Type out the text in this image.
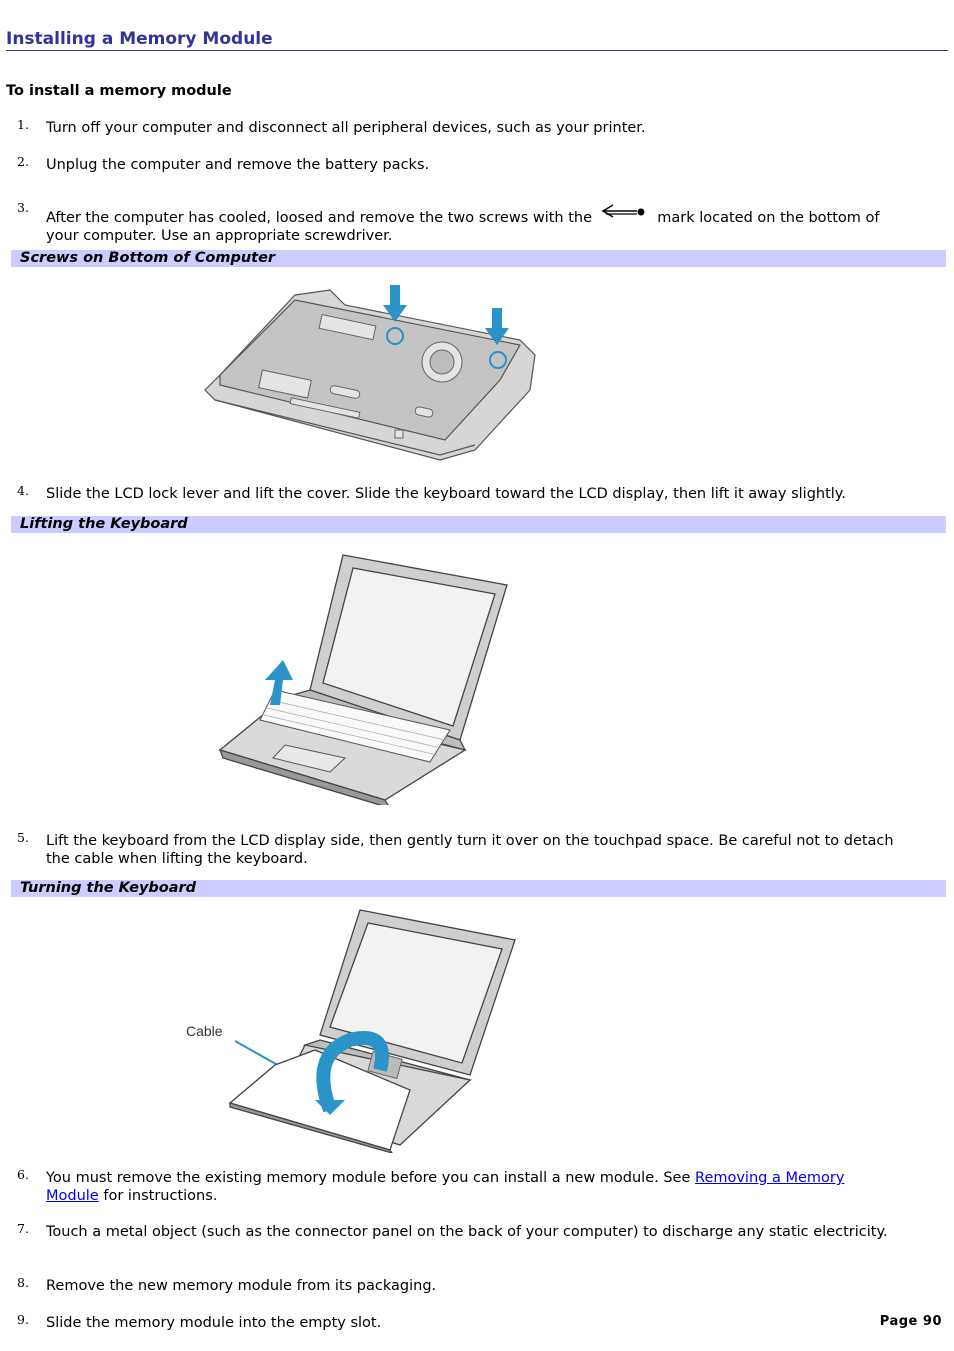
Installing a Memory Module
To install a memory module
1. Turn off your computer and disconnect all peripheral devices, such as your printer.
2. Unplug the computer and remove the battery packs.
3.
After the computer has cooled, loosed and remove the two screws with the	mark located on the bottom of your computer. Use an appropriate screwdriver.
Screws on Bottom of Computer
4. Slide the LCD lock lever and lift the cover. Slide the keyboard toward the LCD display, then lift it away slightly.
Lifting the Keyboard
5. Lift the keyboard from the LCD display side, then gently turn it over on the touchpad space. Be careful not to detach the cable when lifting the keyboard.
Turning the Keyboard
Cable
6. You must remove the existing memory module before you can install a new module. See Removing a Memory Module for instructions.
7. Touch a metal object (such as the connector panel on the back of your computer) to discharge any static electricity.
8. Remove the new memory module from its packaging.
9. Slide the memory module into the empty slot.	Page 90
